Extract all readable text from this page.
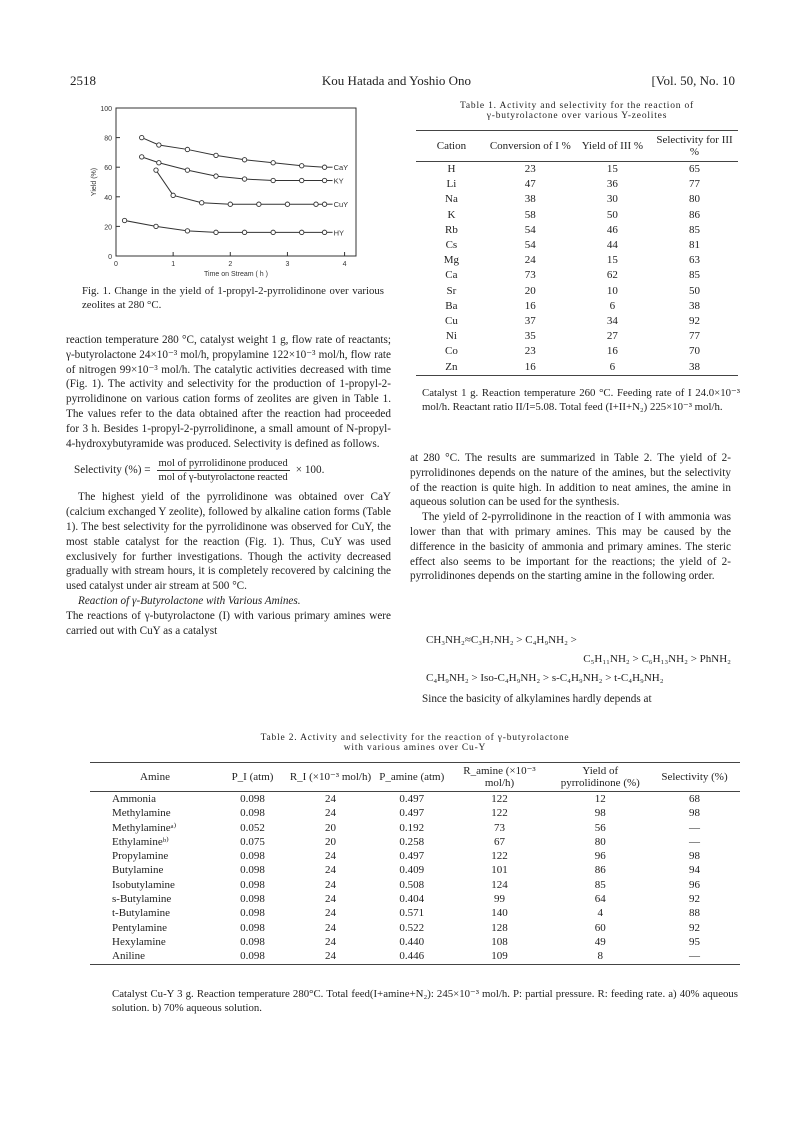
2518	Kou Hatada and Yoshio Ono	[Vol. 50, No. 10
0
20
40
60
80
100
0	1	2	3	4
Time on Stream ( h )
Yield (%)
CaY
KY
CuY
HY
Fig. 1. Change in the yield of 1-propyl-2-pyrrolidinone over various zeolites at 280 °C.

reaction temperature 280 °C, catalyst weight 1 g, flow rate of reactants; γ-butyrolactone 24×10⁻³ mol/h, propylamine 122×10⁻³ mol/h, flow rate of nitrogen 99×10⁻³ mol/h. The catalytic activities decreased with time (Fig. 1). The activity and selectivity for the production of 1-propyl-2-pyrrolidinone on various cation forms of zeolites are given in Table 1. The values refer to the data obtained after the reaction had proceeded for 3 h. Besides 1-propyl-2-pyrrolidinone, a small amount of N-propyl-4-hydroxybutyramide was produced. Selectivity is defined as follows.

Selectivity (%) =
mol of pyrrolidinone produced
mol of γ-butyrolactone reacted
× 100.

The highest yield of the pyrrolidinone was obtained over CaY (calcium exchanged Y zeolite), followed by alkaline cation forms (Table 1). The best selectivity for the pyrrolidinone was observed for CuY, the most stable catalyst for the reaction (Fig. 1). Thus, CuY was used exclusively for further investigations. Though the activity decreased gradually with stream hours, it is completely recovered by calcining the used catalyst under air stream at 500 °C.

Reaction of γ-Butyrolactone with Various Amines.

The reactions of γ-butyrolactone (I) with various primary amines were carried out with CuY as a catalyst

Table 1. Activity and selectivity for the reaction of
γ-butyrolactone over various Y-zeolites
Cation	Conversion of I %	Yield of III %	Selectivity for III %
H	23	15	65
Li	47	36	77
Na	38	30	80
K	58	50	86
Rb	54	46	85
Cs	54	44	81
Mg	24	15	63
Ca	73	62	85
Sr	20	10	50
Ba	16	6	38
Cu	37	34	92
Ni	35	27	77
Co	23	16	70
Zn	16	6	38
Catalyst 1 g. Reaction temperature 260 °C. Feeding rate of I 24.0×10⁻³ mol/h. Reactant ratio II/I=5.08. Total feed (I+II+N₂) 225×10⁻³ mol/h.

at 280 °C. The results are summarized in Table 2. The yield of 2-pyrrolidinones depends on the nature of the amines, but the selectivity of the reaction is quite high. In addition to neat amines, the amine in aqueous solution can be used for the synthesis.

The yield of 2-pyrrolidinone in the reaction of I with ammonia was lower than that with primary amines. This may be caused by the difference in the basicity of ammonia and primary amines. The steric effect also seems to be important for the reactions; the yield of 2-pyrrolidinones depends on the starting amine in the following order.

CH₃NH₂≈C₃H₇NH₂ > C₄H₉NH₂ >
C₅H₁₁NH₂ > C₆H₁₃NH₂ > PhNH₂
C₄H₉NH₂ > Iso-C₄H₉NH₂ > s-C₄H₉NH₂ > t-C₄H₉NH₂
Since the basicity of alkylamines hardly depends at
Table 2. Activity and selectivity for the reaction of γ-butyrolactone
with various amines over Cu-Y
Amine	P_I (atm)	R_I (×10⁻³ mol/h)	P_amine (atm)	R_amine (×10⁻³ mol/h)	Yield of pyrrolidinone (%)	Selectivity (%)
Ammonia	0.098	24	0.497	122	12	68
Methylamine	0.098	24	0.497	122	98	98
Methylamineᵃ⁾	0.052	20	0.192	73	56	—
Ethylamineᵇ⁾	0.075	20	0.258	67	80	—
Propylamine	0.098	24	0.497	122	96	98
Butylamine	0.098	24	0.409	101	86	94
Isobutylamine	0.098	24	0.508	124	85	96
s-Butylamine	0.098	24	0.404	99	64	92
t-Butylamine	0.098	24	0.571	140	4	88
Pentylamine	0.098	24	0.522	128	60	92
Hexylamine	0.098	24	0.440	108	49	95
Aniline	0.098	24	0.446	109	8	—
Catalyst Cu-Y 3 g. Reaction temperature 280°C. Total feed(I+amine+N₂): 245×10⁻³ mol/h. P: partial pressure. R: feeding rate. a) 40% aqueous solution. b) 70% aqueous solution.
